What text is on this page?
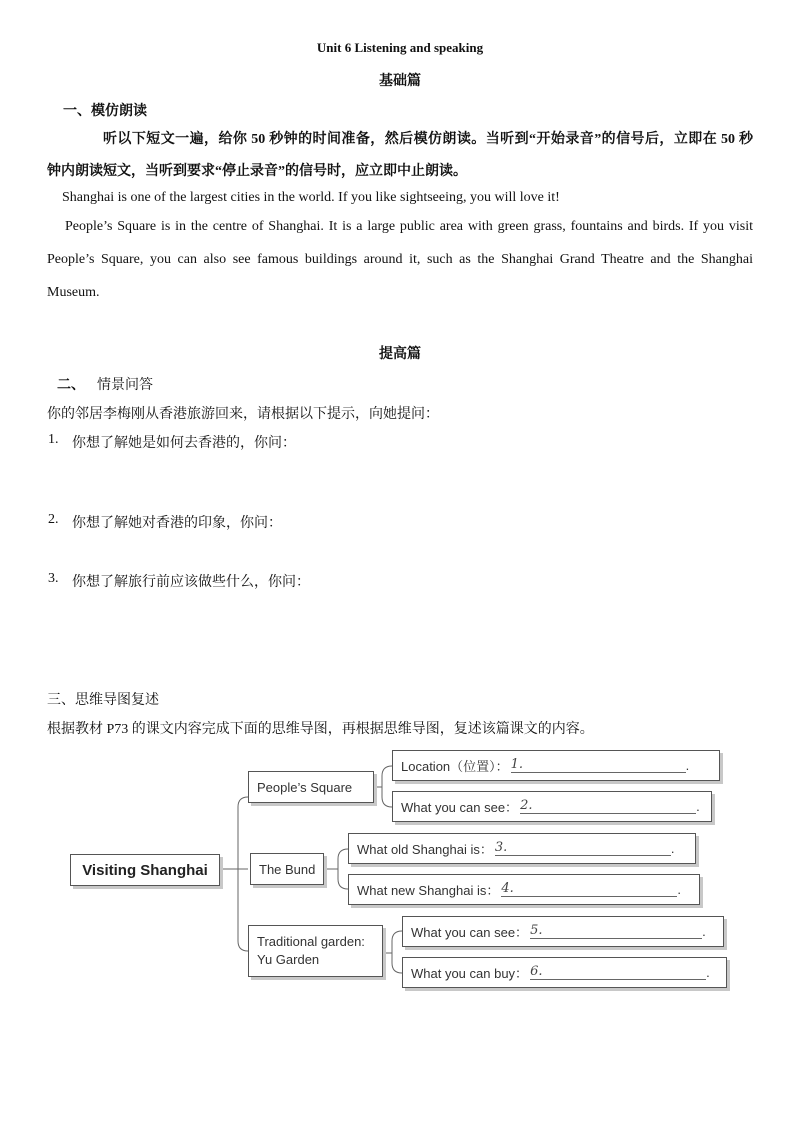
Unit 6 Listening and speaking
基础篇
一、模仿朗读
听以下短文一遍，给你 50 秒钟的时间准备，然后模仿朗读。当听到“开始录音”的信号后，立即在 50 秒
钟内朗读短文，当听到要求“停止录音”的信号时，应立即中止朗读。
Shanghai is one of the largest cities in the world. If you like sightseeing, you will love it!
People’s Square is in the centre of Shanghai. It is a large public area with green grass, fountains and birds. If you visit
People’s Square, you can also see famous buildings around it, such as the Shanghai Grand Theatre and the Shanghai
Museum.
提高篇
二、 情景问答
你的邻居李梅刚从香港旅游回来，请根据以下提示，向她提问：
1. 你想了解她是如何去香港的，你问：
2. 你想了解她对香港的印象，你问：
3. 你想了解旅行前应该做些什么，你问：
三、思维导图复述
根据教材 P73 的课文内容完成下面的思维导图，再根据思维导图，复述该篇课文的内容。
Visiting Shanghai
People’s Square
The Bund
Traditional garden:
Yu Garden
Location（位置）： 1.	.
What you can see： 2.	.
What old Shanghai is： 3.	.
What new Shanghai is： 4.	.
What you can see： 5.	.
What you can buy： 6.	.
